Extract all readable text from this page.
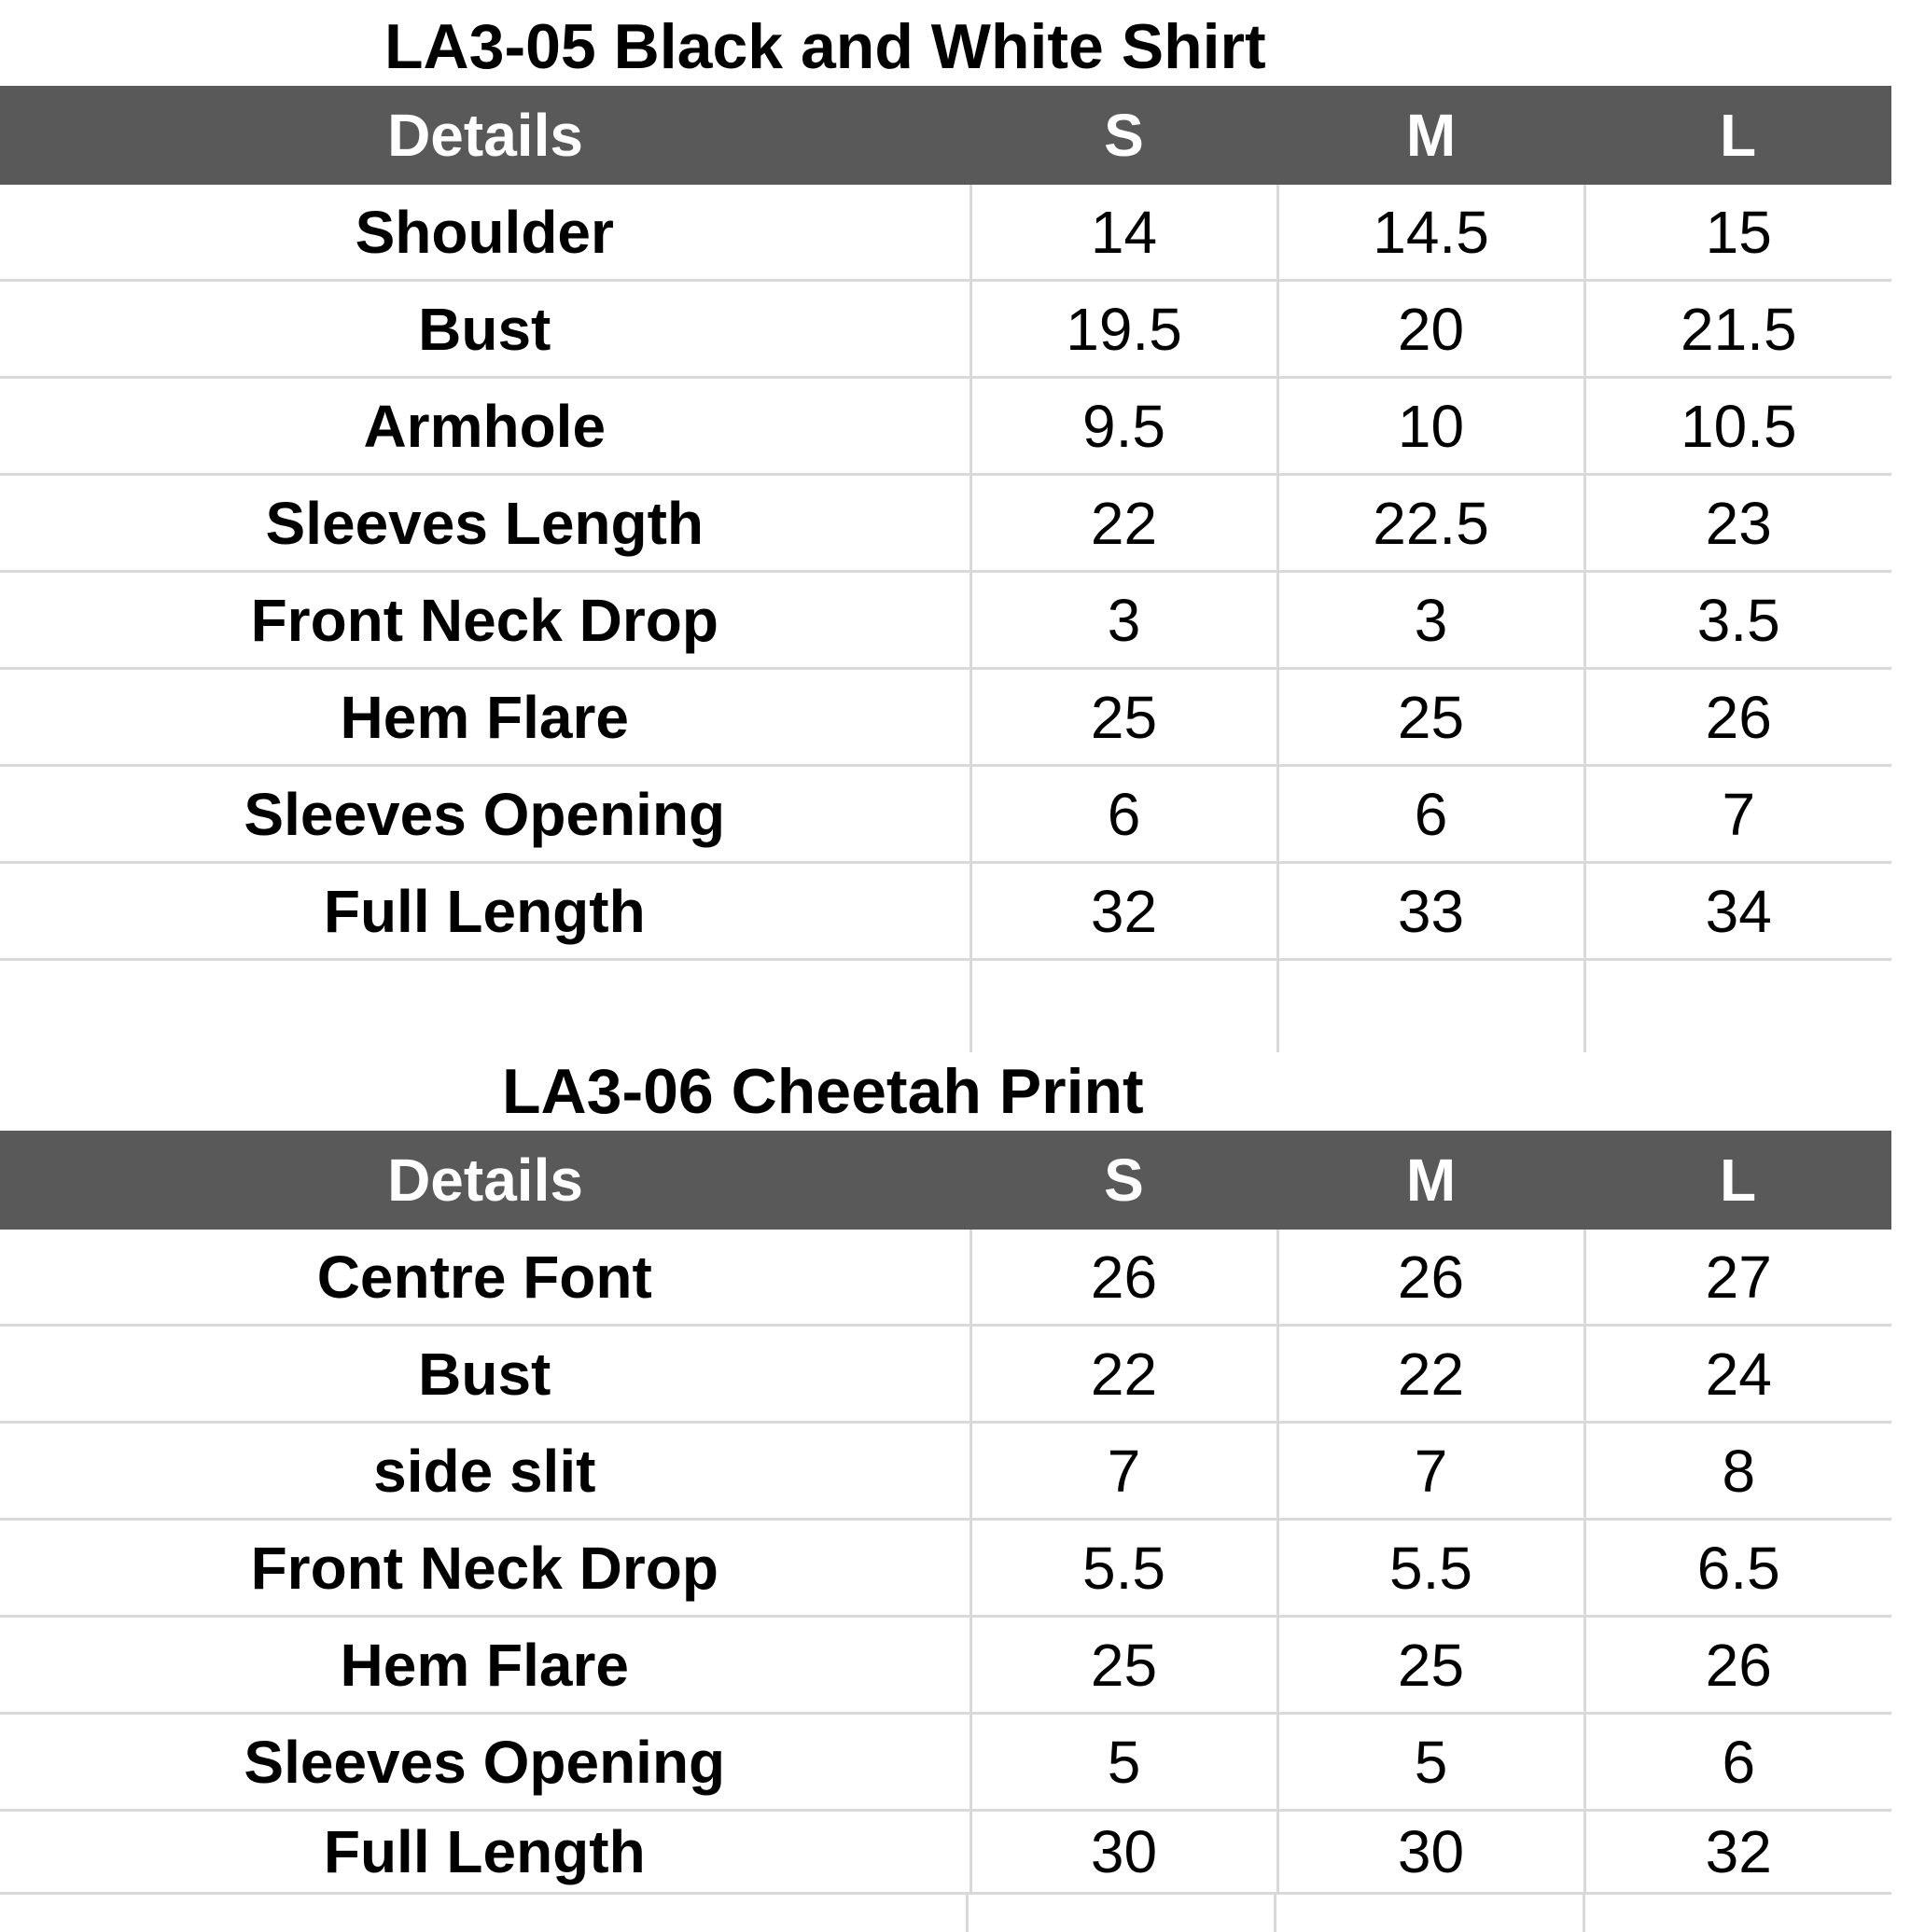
LA3-05 Black and White Shirt
Details	S	M	L
Shoulder	14	14.5	15
Bust	19.5	20	21.5
Armhole	9.5	10	10.5
Sleeves Length	22	22.5	23
Front Neck Drop	3	3	3.5
Hem Flare	25	25	26
Sleeves Opening	6	6	7
Full Length	32	33	34

LA3-06 Cheetah Print
Details	S	M	L
Centre Font	26	26	27
Bust	22	22	24
side slit	7	7	8
Front Neck Drop	5.5	5.5	6.5
Hem Flare	25	25	26
Sleeves Opening	5	5	6
Full Length	30	30	32
